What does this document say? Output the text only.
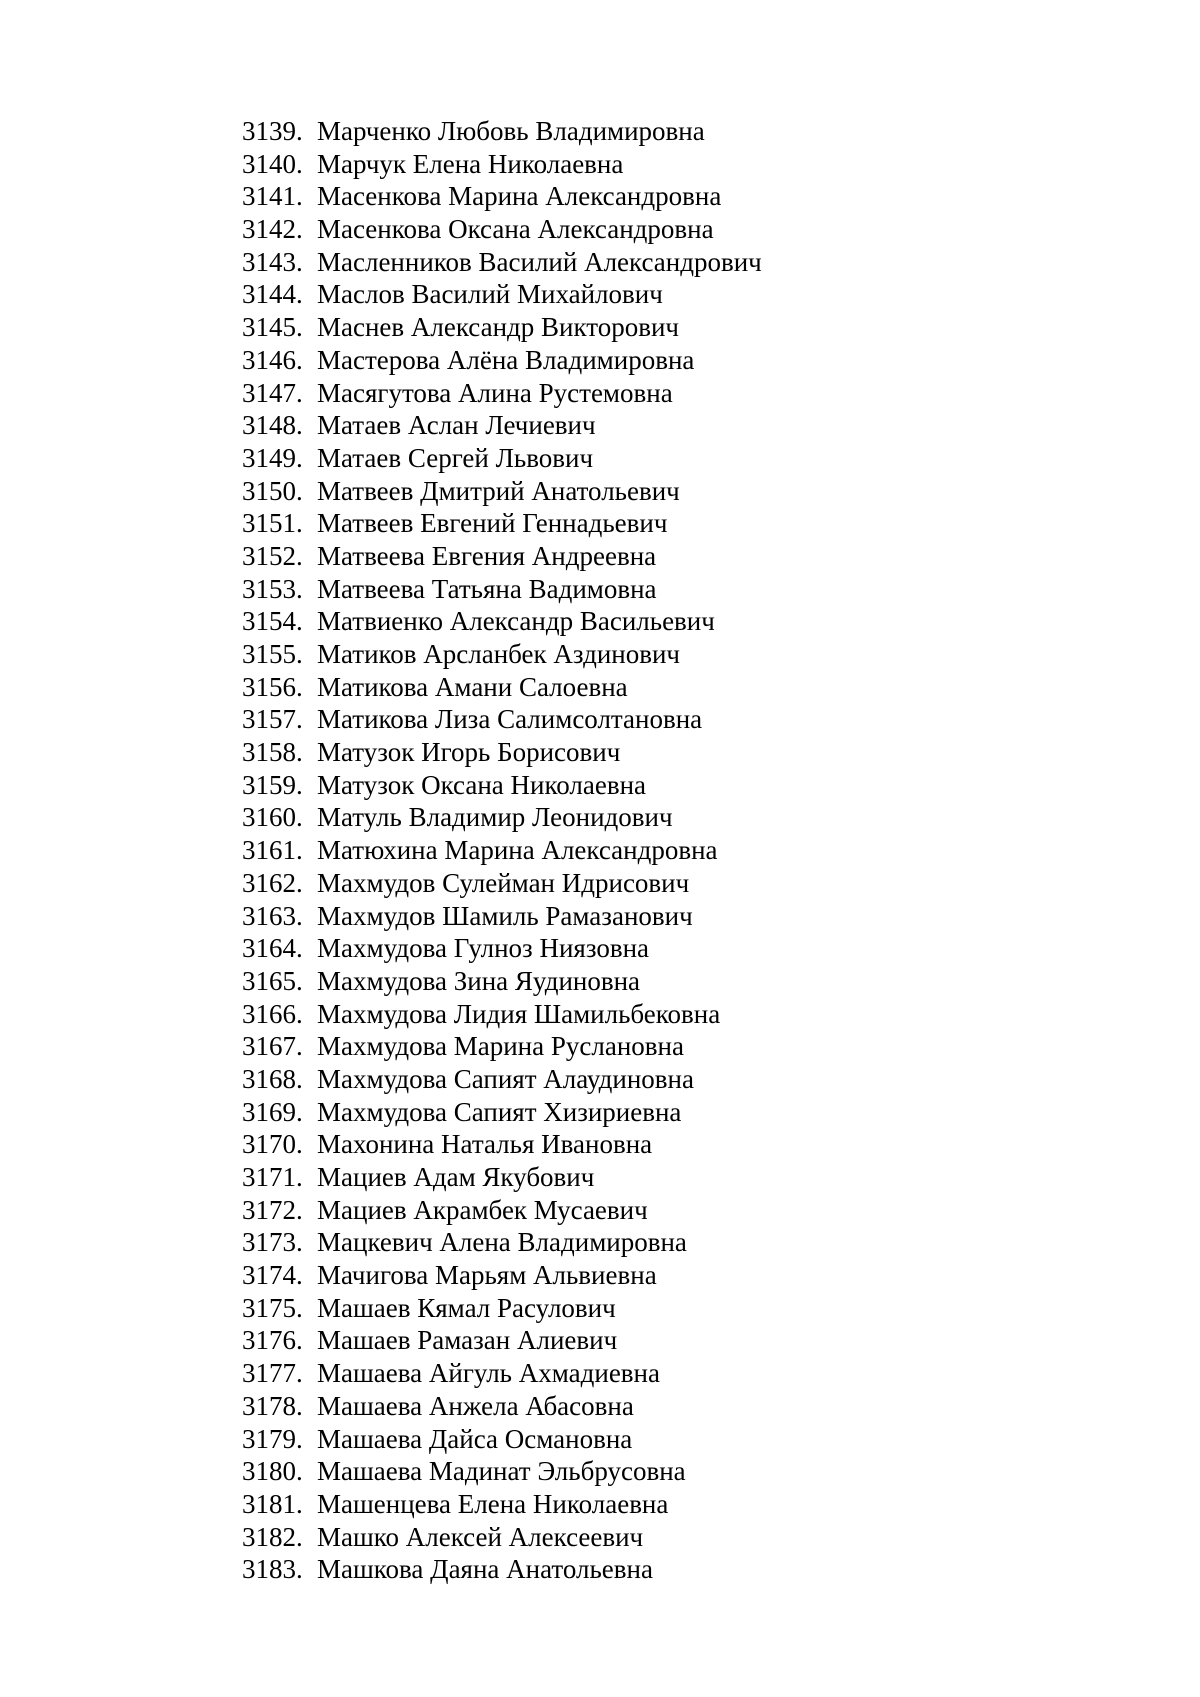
3139. Марченко Любовь Владимировна
3140. Марчук Елена Николаевна
3141. Масенкова Марина Александровна
3142. Масенкова Оксана Александровна
3143. Масленников Василий Александрович
3144. Маслов Василий Михайлович
3145. Маснев Александр Викторович
3146. Мастерова Алёна Владимировна
3147. Масягутова Алина Рустемовна
3148. Матаев Аслан Лечиевич
3149. Матаев Сергей Львович
3150. Матвеев Дмитрий Анатольевич
3151. Матвеев Евгений Геннадьевич
3152. Матвеева Евгения Андреевна
3153. Матвеева Татьяна Вадимовна
3154. Матвиенко Александр Васильевич
3155. Матиков Арсланбек Аздинович
3156. Матикова Амани Салоевна
3157. Матикова Лиза Салимсолтановна
3158. Матузок Игорь Борисович
3159. Матузок Оксана Николаевна
3160. Матуль Владимир Леонидович
3161. Матюхина Марина Александровна
3162. Махмудов Сулейман Идрисович
3163. Махмудов Шамиль Рамазанович
3164. Махмудова Гулноз Ниязовна
3165. Махмудова Зина Яудиновна
3166. Махмудова Лидия Шамильбековна
3167. Махмудова Марина Руслановна
3168. Махмудова Сапият Алаудиновна
3169. Махмудова Сапият Хизириевна
3170. Махонина Наталья Ивановна
3171. Мациев Адам Якубович
3172. Мациев Акрамбек Мусаевич
3173. Мацкевич Алена Владимировна
3174. Мачигова Марьям Альвиевна
3175. Машаев Кямал Расулович
3176. Машаев Рамазан Алиевич
3177. Машаева Айгуль Ахмадиевна
3178. Машаева Анжела Абасовна
3179. Машаева Дайса Османовна
3180. Машаева Мадинат Эльбрусовна
3181. Машенцева Елена Николаевна
3182. Машко Алексей Алексеевич
3183. Машкова Даяна Анатольевна
